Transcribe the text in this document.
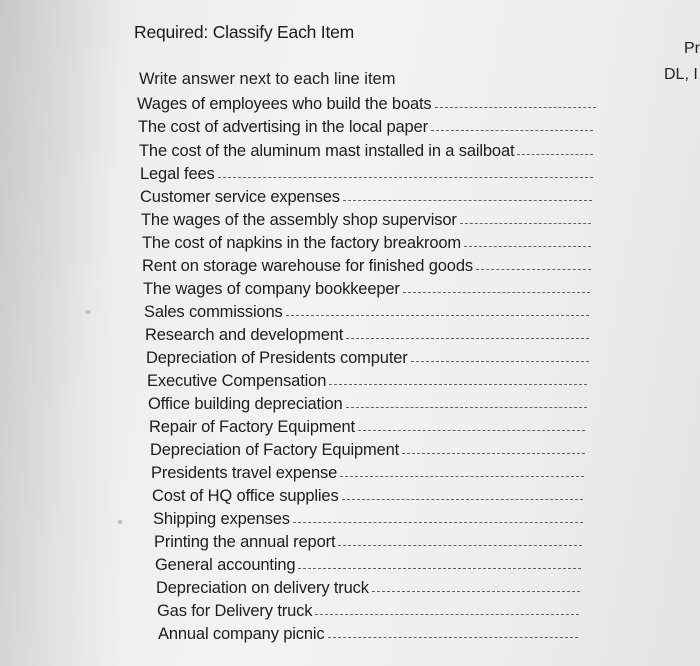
Required: Classify Each Item
Pr
DL, I
Write answer next to each line item
Wages of employees who build the boats
The cost of advertising in the local paper
The cost of the aluminum mast installed in a sailboat
Legal fees
Customer service expenses
The wages of the assembly shop supervisor
The cost of napkins in the factory breakroom
Rent on storage warehouse for finished goods
The wages of company bookkeeper
Sales commissions
Research and development
Depreciation of Presidents computer
Executive Compensation
Office building depreciation
Repair of Factory Equipment
Depreciation of Factory Equipment
Presidents travel expense
Cost of HQ office supplies
Shipping expenses
Printing the annual report
General accounting
Depreciation on delivery truck
Gas for Delivery truck
Annual company picnic
